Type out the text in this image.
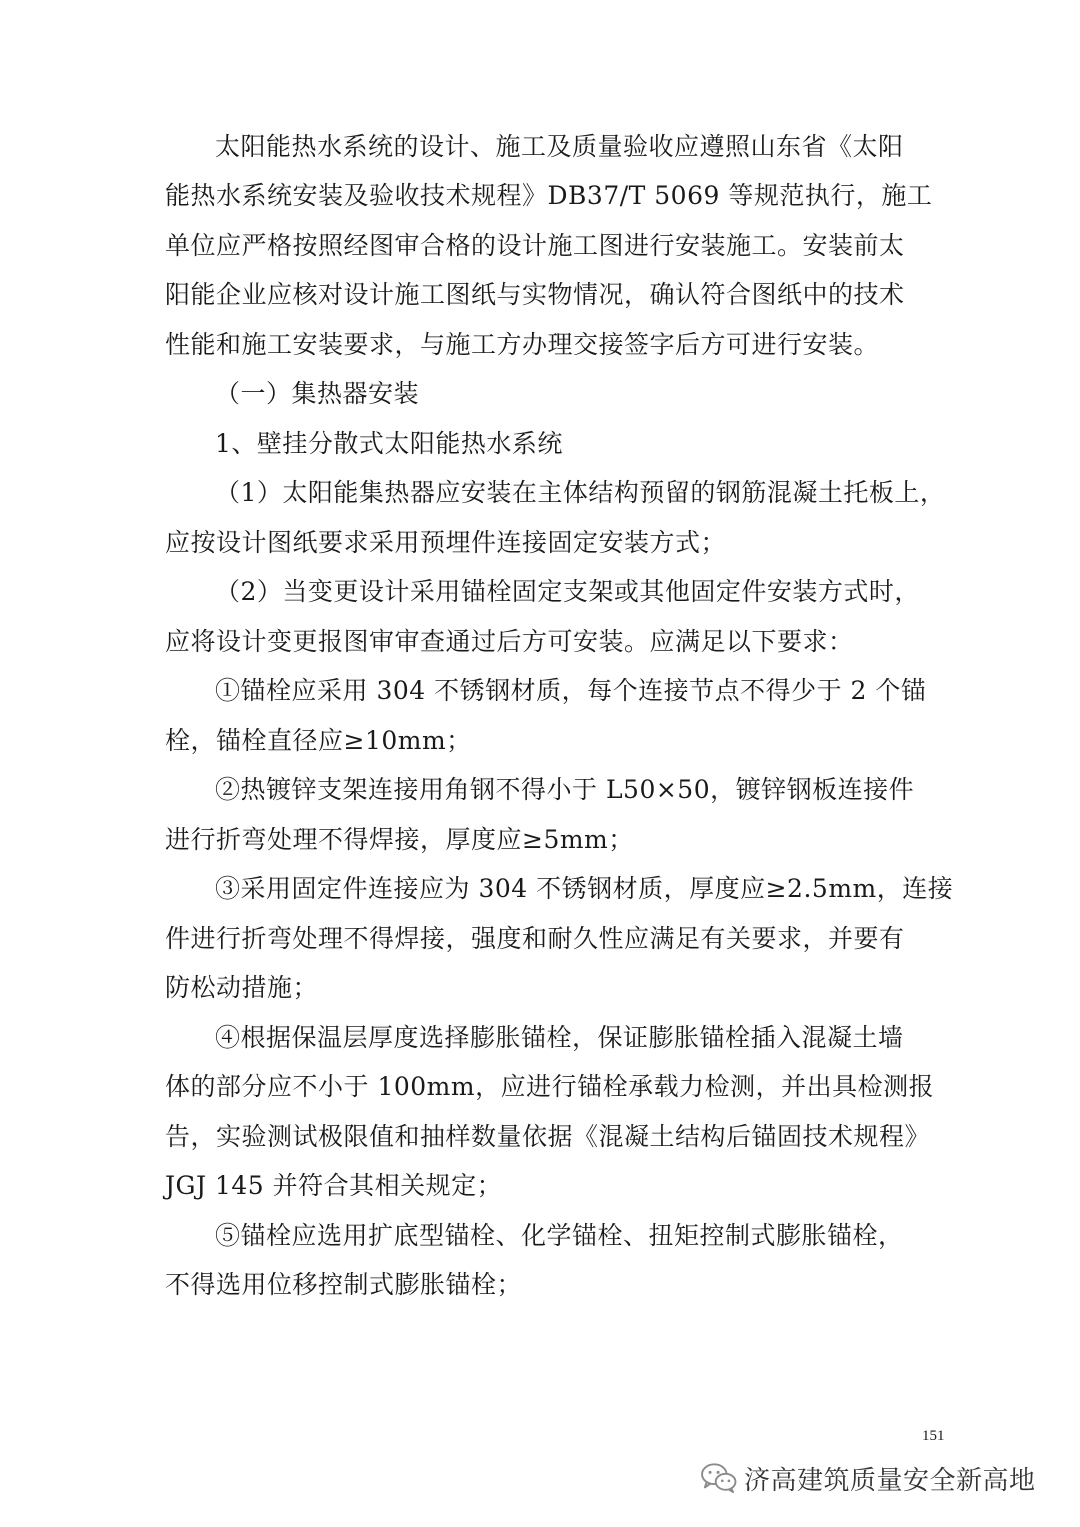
太阳能热水系统的设计、施工及质量验收应遵照山东省《太阳
能热水系统安装及验收技术规程》DB37/T 5069 等规范执行，施工
单位应严格按照经图审合格的设计施工图进行安装施工。安装前太
阳能企业应核对设计施工图纸与实物情况，确认符合图纸中的技术
性能和施工安装要求，与施工方办理交接签字后方可进行安装。
（一）集热器安装
1、壁挂分散式太阳能热水系统
（1）太阳能集热器应安装在主体结构预留的钢筋混凝土托板上，
应按设计图纸要求采用预埋件连接固定安装方式；
（2）当变更设计采用锚栓固定支架或其他固定件安装方式时，
应将设计变更报图审审查通过后方可安装。应满足以下要求：
①锚栓应采用 304 不锈钢材质，每个连接节点不得少于 2 个锚
栓，锚栓直径应≥10mm；
②热镀锌支架连接用角钢不得小于 L50×50，镀锌钢板连接件
进行折弯处理不得焊接，厚度应≥5mm；
③采用固定件连接应为 304 不锈钢材质，厚度应≥2.5mm，连接
件进行折弯处理不得焊接，强度和耐久性应满足有关要求，并要有
防松动措施；
④根据保温层厚度选择膨胀锚栓，保证膨胀锚栓插入混凝土墙
体的部分应不小于 100mm，应进行锚栓承载力检测，并出具检测报
告，实验测试极限值和抽样数量依据《混凝土结构后锚固技术规程》
JGJ 145 并符合其相关规定；
⑤锚栓应选用扩底型锚栓、化学锚栓、扭矩控制式膨胀锚栓，
不得选用位移控制式膨胀锚栓；
151
济高建筑质量安全新高地
